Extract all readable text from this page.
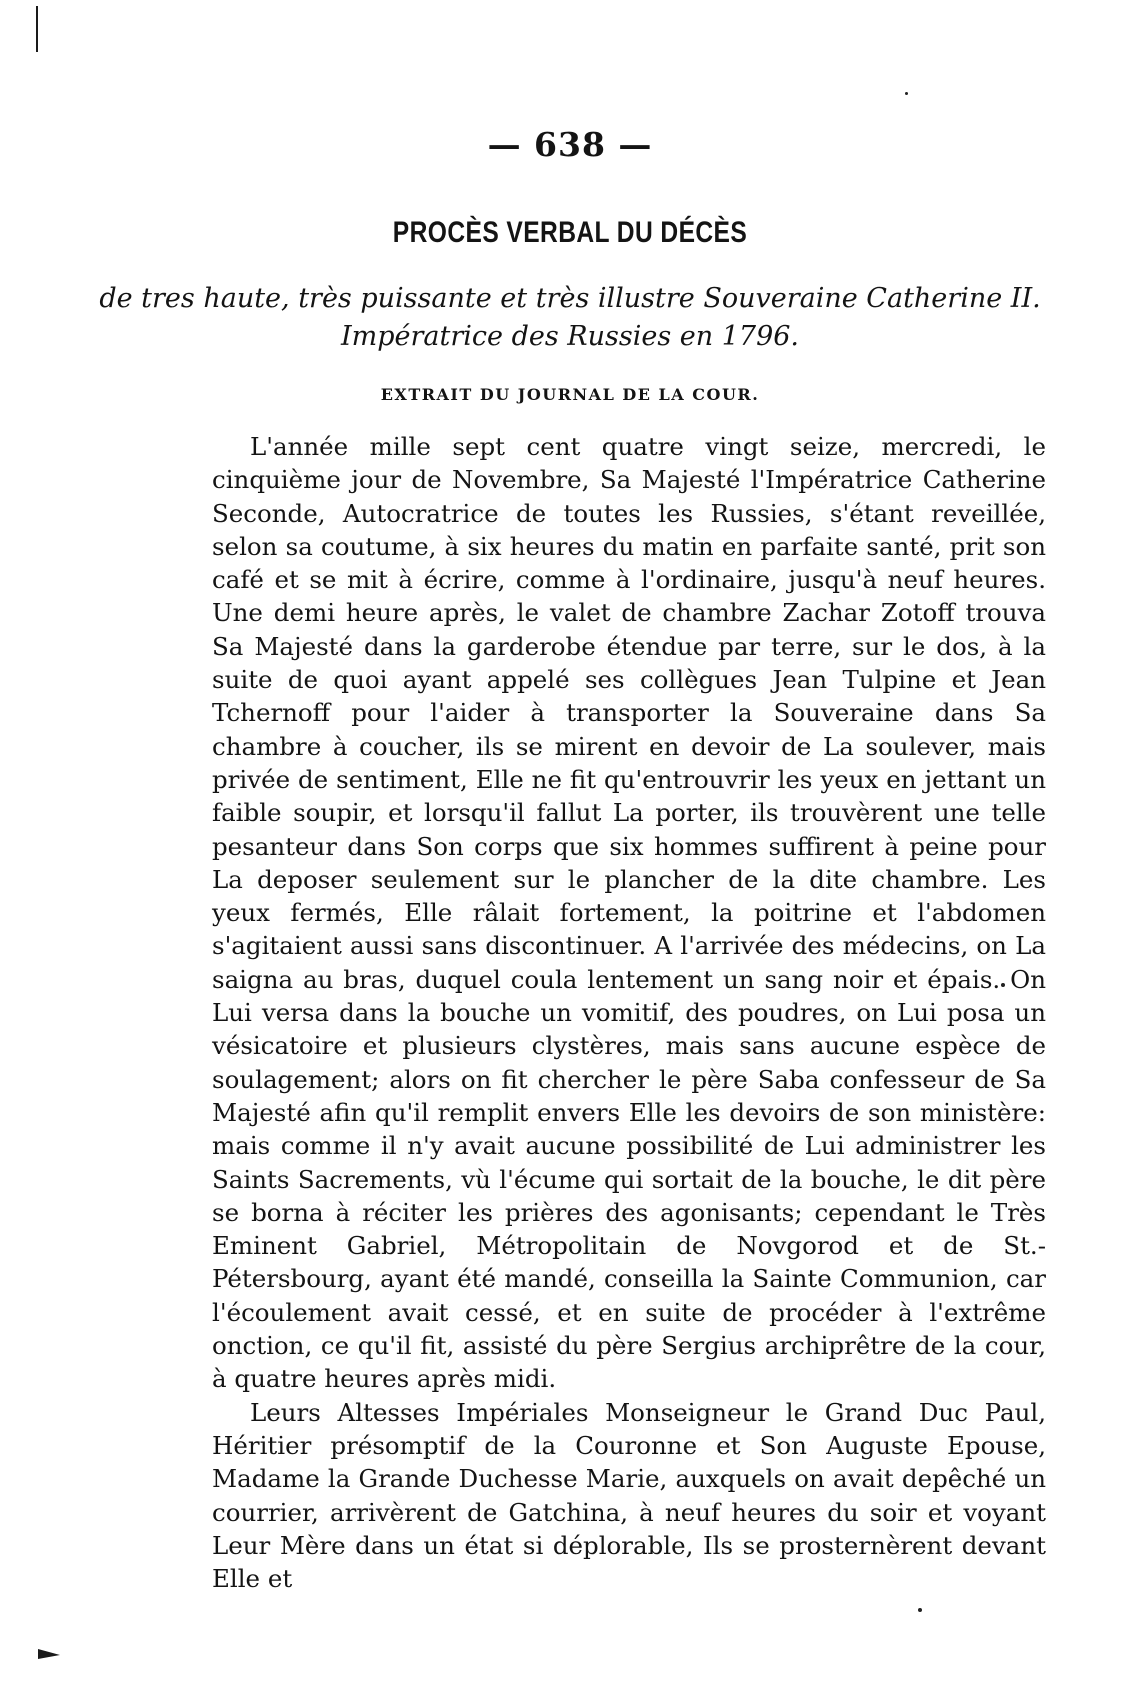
— 638 —
PROCÈS VERBAL DU DÉCÈS
de tres haute, très puissante et très illustre Souveraine Catherine II.
Impératrice des Russies en 1796.
EXTRAIT DU JOURNAL DE LA COUR.

L'année mille sept cent quatre vingt seize, mercredi, le cinquième jour de Novembre, Sa Majesté l'Impératrice Catherine Seconde, Autocratrice de toutes les Russies, s'étant reveillée, selon sa coutume, à six heures du matin en parfaite santé, prit son café et se mit à écrire, comme à l'ordinaire, jusqu'à neuf heures. Une demi heure après, le valet de chambre Zachar Zotoff trouva Sa Majesté dans la garderobe étendue par terre, sur le dos, à la suite de quoi ayant appelé ses collègues Jean Tulpine et Jean Tchernoff pour l'aider à transporter la Souveraine dans Sa chambre à coucher, ils se mirent en devoir de La soulever, mais privée de sentiment, Elle ne fit qu'entrouvrir les yeux en jettant un faible soupir, et lorsqu'il fallut La porter, ils trouvèrent une telle pesanteur dans Son corps que six hommes suffirent à peine pour La deposer seulement sur le plancher de la dite chambre. Les yeux fermés, Elle râlait fortement, la poitrine et l'abdomen s'agitaient aussi sans discontinuer. A l'arrivée des médecins, on La saigna au bras, duquel coula lentement un sang noir et épais. On Lui versa dans la bouche un vomitif, des poudres, on Lui posa un vésicatoire et plusieurs clystères, mais sans aucune espèce de soulagement; alors on fit chercher le père Saba confesseur de Sa Majesté afin qu'il remplit envers Elle les devoirs de son ministère: mais comme il n'y avait aucune possibilité de Lui administrer les Saints Sacrements, vù l'écume qui sortait de la bouche, le dit père se borna à réciter les prières des agonisants; cependant le Très Eminent Gabriel, Métropolitain de Novgorod et de St.-Pétersbourg, ayant été mandé, conseilla la Sainte Communion, car l'écoulement avait cessé, et en suite de procéder à l'extrême onction, ce qu'il fit, assisté du père Sergius archiprêtre de la cour, à quatre heures après midi.

Leurs Altesses Impériales Monseigneur le Grand Duc Paul, Héritier présomptif de la Couronne et Son Auguste Epouse, Madame la Grande Duchesse Marie, auxquels on avait depêché un courrier, arrivèrent de Gatchina, à neuf heures du soir et voyant Leur Mère dans un état si déplorable, Ils se prosternèrent devant Elle et
